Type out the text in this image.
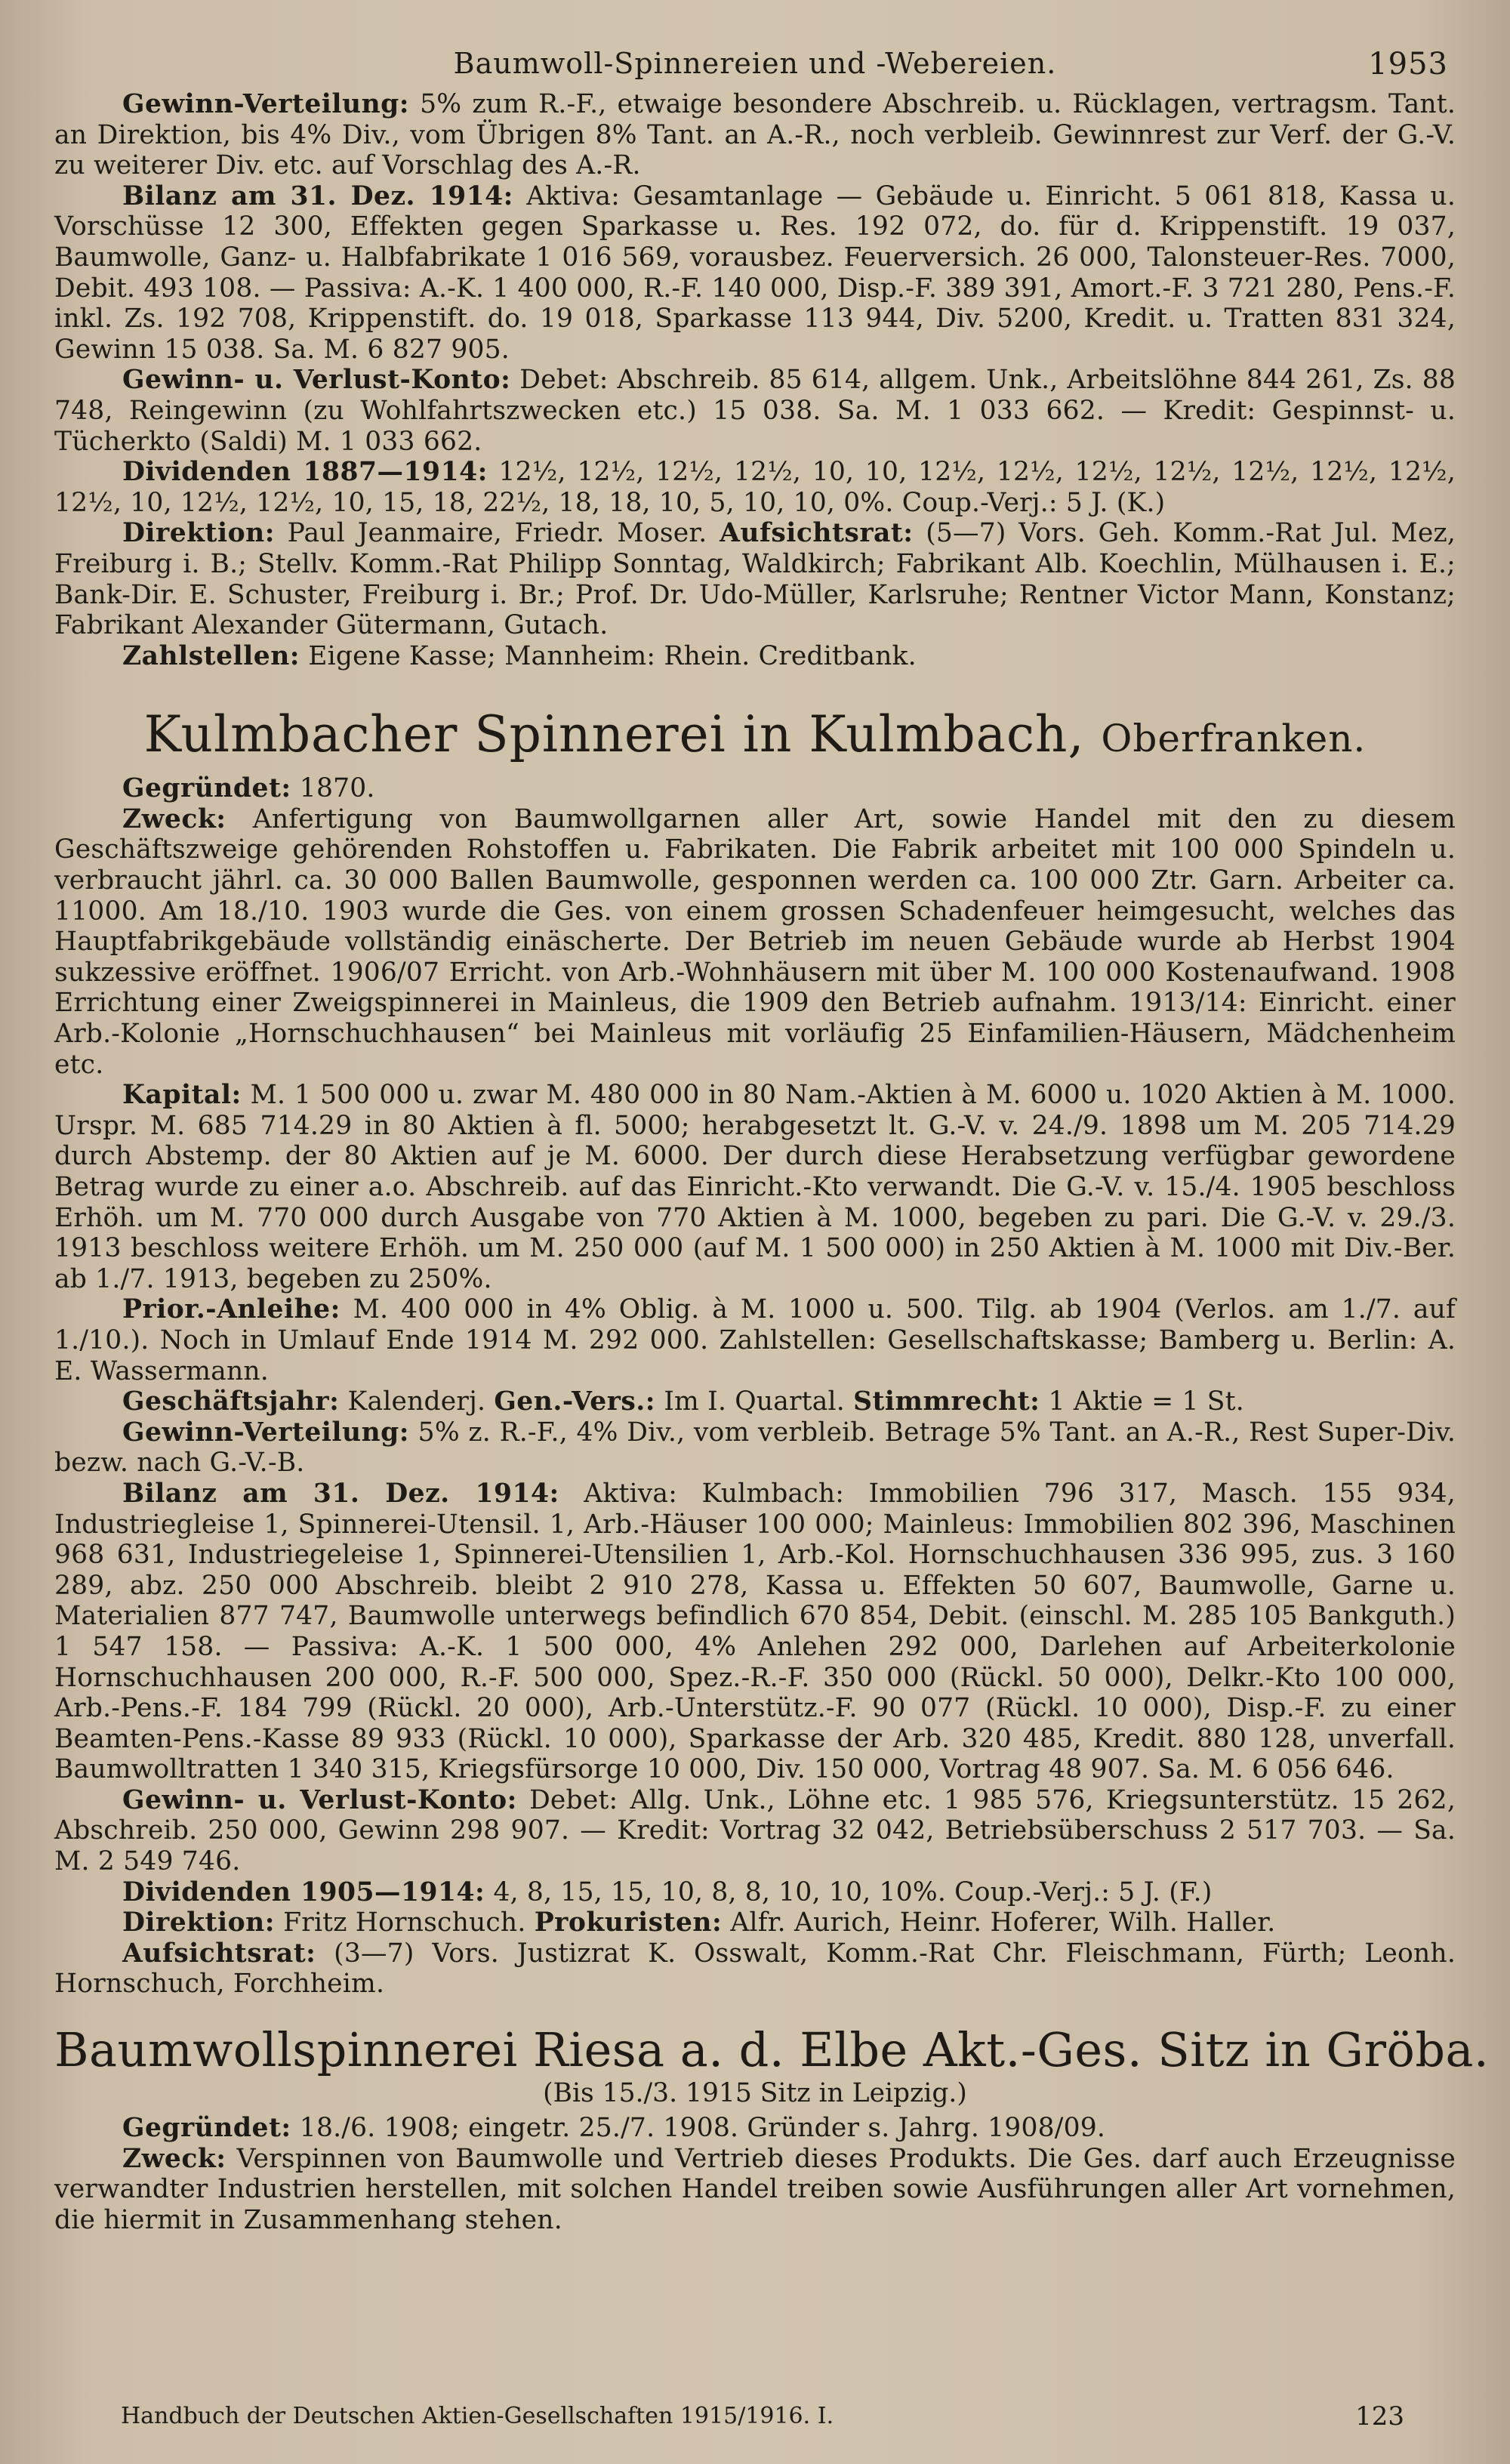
Baumwoll-Spinnereien und -Webereien.	1953

Gewinn-Verteilung: 5% zum R.-F., etwaige besondere Abschreib. u. Rücklagen, vertragsm. Tant. an Direktion, bis 4% Div., vom Übrigen 8% Tant. an A.-R., noch verbleib. Gewinnrest zur Verf. der G.-V. zu weiterer Div. etc. auf Vorschlag des A.-R.

Bilanz am 31. Dez. 1914: Aktiva: Gesamtanlage — Gebäude u. Einricht. 5 061 818, Kassa u. Vorschüsse 12 300, Effekten gegen Sparkasse u. Res. 192 072, do. für d. Krippenstift. 19 037, Baumwolle, Ganz- u. Halbfabrikate 1 016 569, vorausbez. Feuerversich. 26 000, Talonsteuer-Res. 7000, Debit. 493 108. — Passiva: A.-K. 1 400 000, R.-F. 140 000, Disp.-F. 389 391, Amort.-F. 3 721 280, Pens.-F. inkl. Zs. 192 708, Krippenstift. do. 19 018, Sparkasse 113 944, Div. 5200, Kredit. u. Tratten 831 324, Gewinn 15 038. Sa. M. 6 827 905.

Gewinn- u. Verlust-Konto: Debet: Abschreib. 85 614, allgem. Unk., Arbeitslöhne 844 261, Zs. 88 748, Reingewinn (zu Wohlfahrtszwecken etc.) 15 038. Sa. M. 1 033 662. — Kredit: Gespinnst- u. Tücherkto (Saldi) M. 1 033 662.

Dividenden 1887—1914: 12½, 12½, 12½, 12½, 10, 10, 12½, 12½, 12½, 12½, 12½, 12½, 12½, 12½, 10, 12½, 12½, 10, 15, 18, 22½, 18, 18, 10, 5, 10, 10, 0%. Coup.-Verj.: 5 J. (K.)

Direktion: Paul Jeanmaire, Friedr. Moser. Aufsichtsrat: (5—7) Vors. Geh. Komm.-Rat Jul. Mez, Freiburg i. B.; Stellv. Komm.-Rat Philipp Sonntag, Waldkirch; Fabrikant Alb. Koechlin, Mülhausen i. E.; Bank-Dir. E. Schuster, Freiburg i. Br.; Prof. Dr. Udo-Müller, Karlsruhe; Rentner Victor Mann, Konstanz; Fabrikant Alexander Gütermann, Gutach.

Zahlstellen: Eigene Kasse; Mannheim: Rhein. Creditbank.

Kulmbacher Spinnerei in Kulmbach, Oberfranken.

Gegründet: 1870.

Zweck: Anfertigung von Baumwollgarnen aller Art, sowie Handel mit den zu diesem Geschäftszweige gehörenden Rohstoffen u. Fabrikaten. Die Fabrik arbeitet mit 100 000 Spindeln u. verbraucht jährl. ca. 30 000 Ballen Baumwolle, gesponnen werden ca. 100 000 Ztr. Garn. Arbeiter ca. 11000. Am 18./10. 1903 wurde die Ges. von einem grossen Schadenfeuer heimgesucht, welches das Hauptfabrikgebäude vollständig einäscherte. Der Betrieb im neuen Gebäude wurde ab Herbst 1904 sukzessive eröffnet. 1906/07 Erricht. von Arb.-Wohnhäusern mit über M. 100 000 Kostenaufwand. 1908 Errichtung einer Zweigspinnerei in Mainleus, die 1909 den Betrieb aufnahm. 1913/14: Einricht. einer Arb.-Kolonie „Hornschuchhausen“ bei Mainleus mit vorläufig 25 Einfamilien-Häusern, Mädchenheim etc.

Kapital: M. 1 500 000 u. zwar M. 480 000 in 80 Nam.-Aktien à M. 6000 u. 1020 Aktien à M. 1000. Urspr. M. 685 714.29 in 80 Aktien à fl. 5000; herabgesetzt lt. G.-V. v. 24./9. 1898 um M. 205 714.29 durch Abstemp. der 80 Aktien auf je M. 6000. Der durch diese Herabsetzung verfügbar gewordene Betrag wurde zu einer a.o. Abschreib. auf das Einricht.-Kto verwandt. Die G.-V. v. 15./4. 1905 beschloss Erhöh. um M. 770 000 durch Ausgabe von 770 Aktien à M. 1000, begeben zu pari. Die G.-V. v. 29./3. 1913 beschloss weitere Erhöh. um M. 250 000 (auf M. 1 500 000) in 250 Aktien à M. 1000 mit Div.-Ber. ab 1./7. 1913, begeben zu 250%.

Prior.-Anleihe: M. 400 000 in 4% Oblig. à M. 1000 u. 500. Tilg. ab 1904 (Verlos. am 1./7. auf 1./10.). Noch in Umlauf Ende 1914 M. 292 000. Zahlstellen: Gesellschaftskasse; Bamberg u. Berlin: A. E. Wassermann.

Geschäftsjahr: Kalenderj. Gen.-Vers.: Im I. Quartal. Stimmrecht: 1 Aktie = 1 St.

Gewinn-Verteilung: 5% z. R.-F., 4% Div., vom verbleib. Betrage 5% Tant. an A.-R., Rest Super-Div. bezw. nach G.-V.-B.

Bilanz am 31. Dez. 1914: Aktiva: Kulmbach: Immobilien 796 317, Masch. 155 934, Industriegleise 1, Spinnerei-Utensil. 1, Arb.-Häuser 100 000; Mainleus: Immobilien 802 396, Maschinen 968 631, Industriegeleise 1, Spinnerei-Utensilien 1, Arb.-Kol. Hornschuchhausen 336 995, zus. 3 160 289, abz. 250 000 Abschreib. bleibt 2 910 278, Kassa u. Effekten 50 607, Baumwolle, Garne u. Materialien 877 747, Baumwolle unterwegs befindlich 670 854, Debit. (einschl. M. 285 105 Bankguth.) 1 547 158. — Passiva: A.-K. 1 500 000, 4% Anlehen 292 000, Darlehen auf Arbeiterkolonie Hornschuchhausen 200 000, R.-F. 500 000, Spez.-R.-F. 350 000 (Rückl. 50 000), Delkr.-Kto 100 000, Arb.-Pens.-F. 184 799 (Rückl. 20 000), Arb.-Unterstütz.-F. 90 077 (Rückl. 10 000), Disp.-F. zu einer Beamten-Pens.-Kasse 89 933 (Rückl. 10 000), Sparkasse der Arb. 320 485, Kredit. 880 128, unverfall. Baumwolltratten 1 340 315, Kriegsfürsorge 10 000, Div. 150 000, Vortrag 48 907. Sa. M. 6 056 646.

Gewinn- u. Verlust-Konto: Debet: Allg. Unk., Löhne etc. 1 985 576, Kriegsunterstütz. 15 262, Abschreib. 250 000, Gewinn 298 907. — Kredit: Vortrag 32 042, Betriebsüberschuss 2 517 703. — Sa. M. 2 549 746.

Dividenden 1905—1914: 4, 8, 15, 15, 10, 8, 8, 10, 10, 10%. Coup.-Verj.: 5 J. (F.)

Direktion: Fritz Hornschuch. Prokuristen: Alfr. Aurich, Heinr. Hoferer, Wilh. Haller.

Aufsichtsrat: (3—7) Vors. Justizrat K. Osswalt, Komm.-Rat Chr. Fleischmann, Fürth; Leonh. Hornschuch, Forchheim.

Baumwollspinnerei Riesa a. d. Elbe Akt.-Ges. Sitz in Gröba.
(Bis 15./3. 1915 Sitz in Leipzig.)

Gegründet: 18./6. 1908; eingetr. 25./7. 1908. Gründer s. Jahrg. 1908/09.

Zweck: Verspinnen von Baumwolle und Vertrieb dieses Produkts. Die Ges. darf auch Erzeugnisse verwandter Industrien herstellen, mit solchen Handel treiben sowie Ausführungen aller Art vornehmen, die hiermit in Zusammenhang stehen.

Handbuch der Deutschen Aktien-Gesellschaften 1915/1916. I.	123
